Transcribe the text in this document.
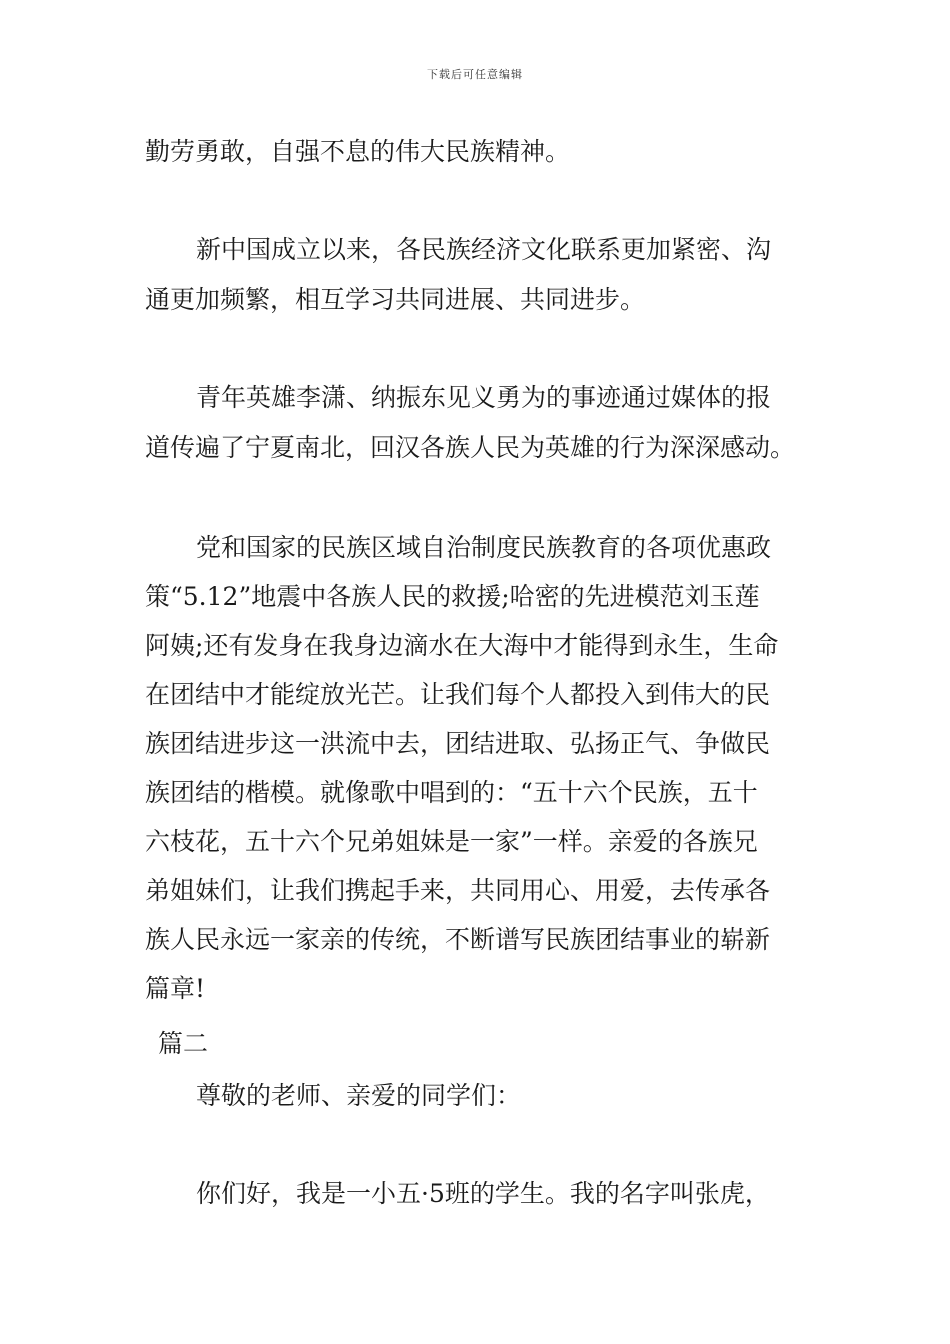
下载后可任意编辑
勤劳勇敢，自强不息的伟大民族精神。
新中国成立以来，各民族经济文化联系更加紧密、沟
通更加频繁，相互学习共同进展、共同进步。
青年英雄李潇、纳振东见义勇为的事迹通过媒体的报
道传遍了宁夏南北，回汉各族人民为英雄的行为深深感动。
党和国家的民族区域自治制度民族教育的各项优惠政
策“5.12”地震中各族人民的救援;哈密的先进模范刘玉莲
阿姨;还有发身在我身边滴水在大海中才能得到永生，生命
在团结中才能绽放光芒。让我们每个人都投入到伟大的民
族团结进步这一洪流中去，团结进取、弘扬正气、争做民
族团结的楷模。就像歌中唱到的：“五十六个民族，五十
六枝花，五十六个兄弟姐妹是一家”一样。亲爱的各族兄
弟姐妹们，让我们携起手来，共同用心、用爱，去传承各
族人民永远一家亲的传统，不断谱写民族团结事业的崭新
篇章!
篇二
尊敬的老师、亲爱的同学们：
你们好，我是一小五·5班的学生。我的名字叫张虎，
